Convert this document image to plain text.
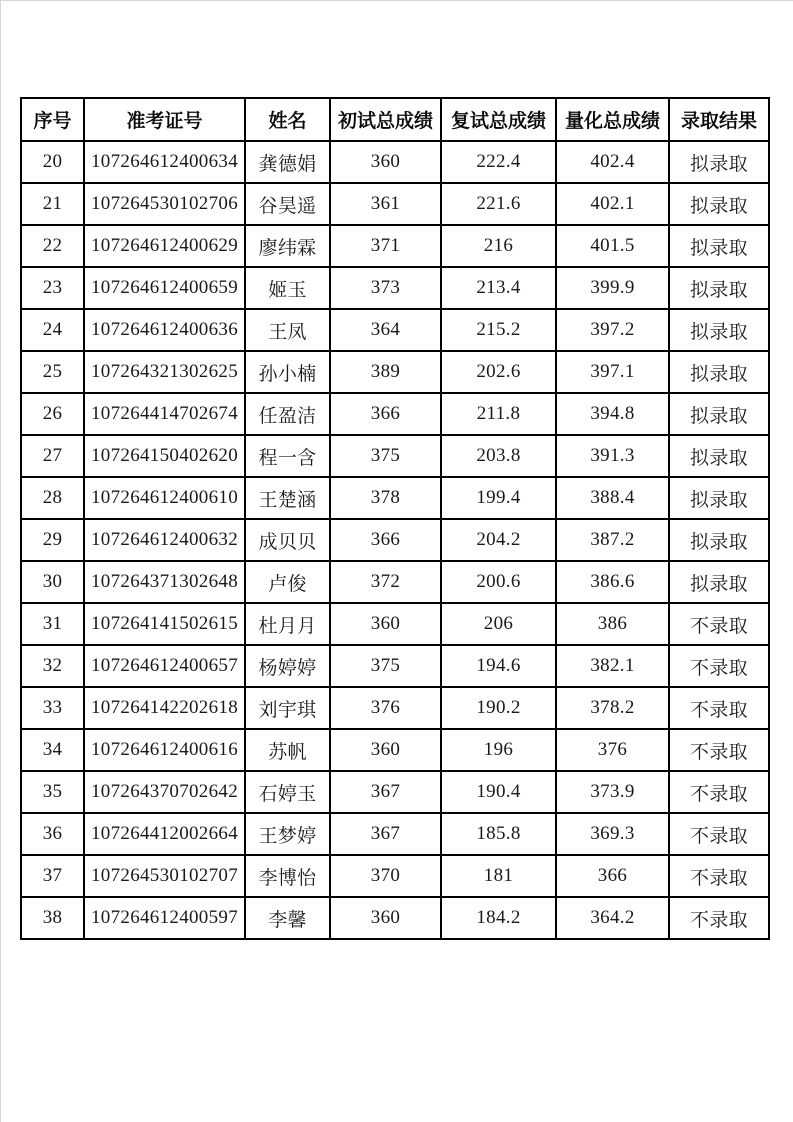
序号	准考证号	姓名	初试总成绩	复试总成绩	量化总成绩	录取结果
20	107264612400634	龚德娟	360	222.4	402.4	拟录取
21	107264530102706	谷昊遥	361	221.6	402.1	拟录取
22	107264612400629	廖纬霖	371	216	401.5	拟录取
23	107264612400659	姬玉	373	213.4	399.9	拟录取
24	107264612400636	王凤	364	215.2	397.2	拟录取
25	107264321302625	孙小楠	389	202.6	397.1	拟录取
26	107264414702674	任盈洁	366	211.8	394.8	拟录取
27	107264150402620	程一含	375	203.8	391.3	拟录取
28	107264612400610	王楚涵	378	199.4	388.4	拟录取
29	107264612400632	成贝贝	366	204.2	387.2	拟录取
30	107264371302648	卢俊	372	200.6	386.6	拟录取
31	107264141502615	杜月月	360	206	386	不录取
32	107264612400657	杨婷婷	375	194.6	382.1	不录取
33	107264142202618	刘宇琪	376	190.2	378.2	不录取
34	107264612400616	苏帆	360	196	376	不录取
35	107264370702642	石婷玉	367	190.4	373.9	不录取
36	107264412002664	王梦婷	367	185.8	369.3	不录取
37	107264530102707	李博怡	370	181	366	不录取
38	107264612400597	李馨	360	184.2	364.2	不录取
